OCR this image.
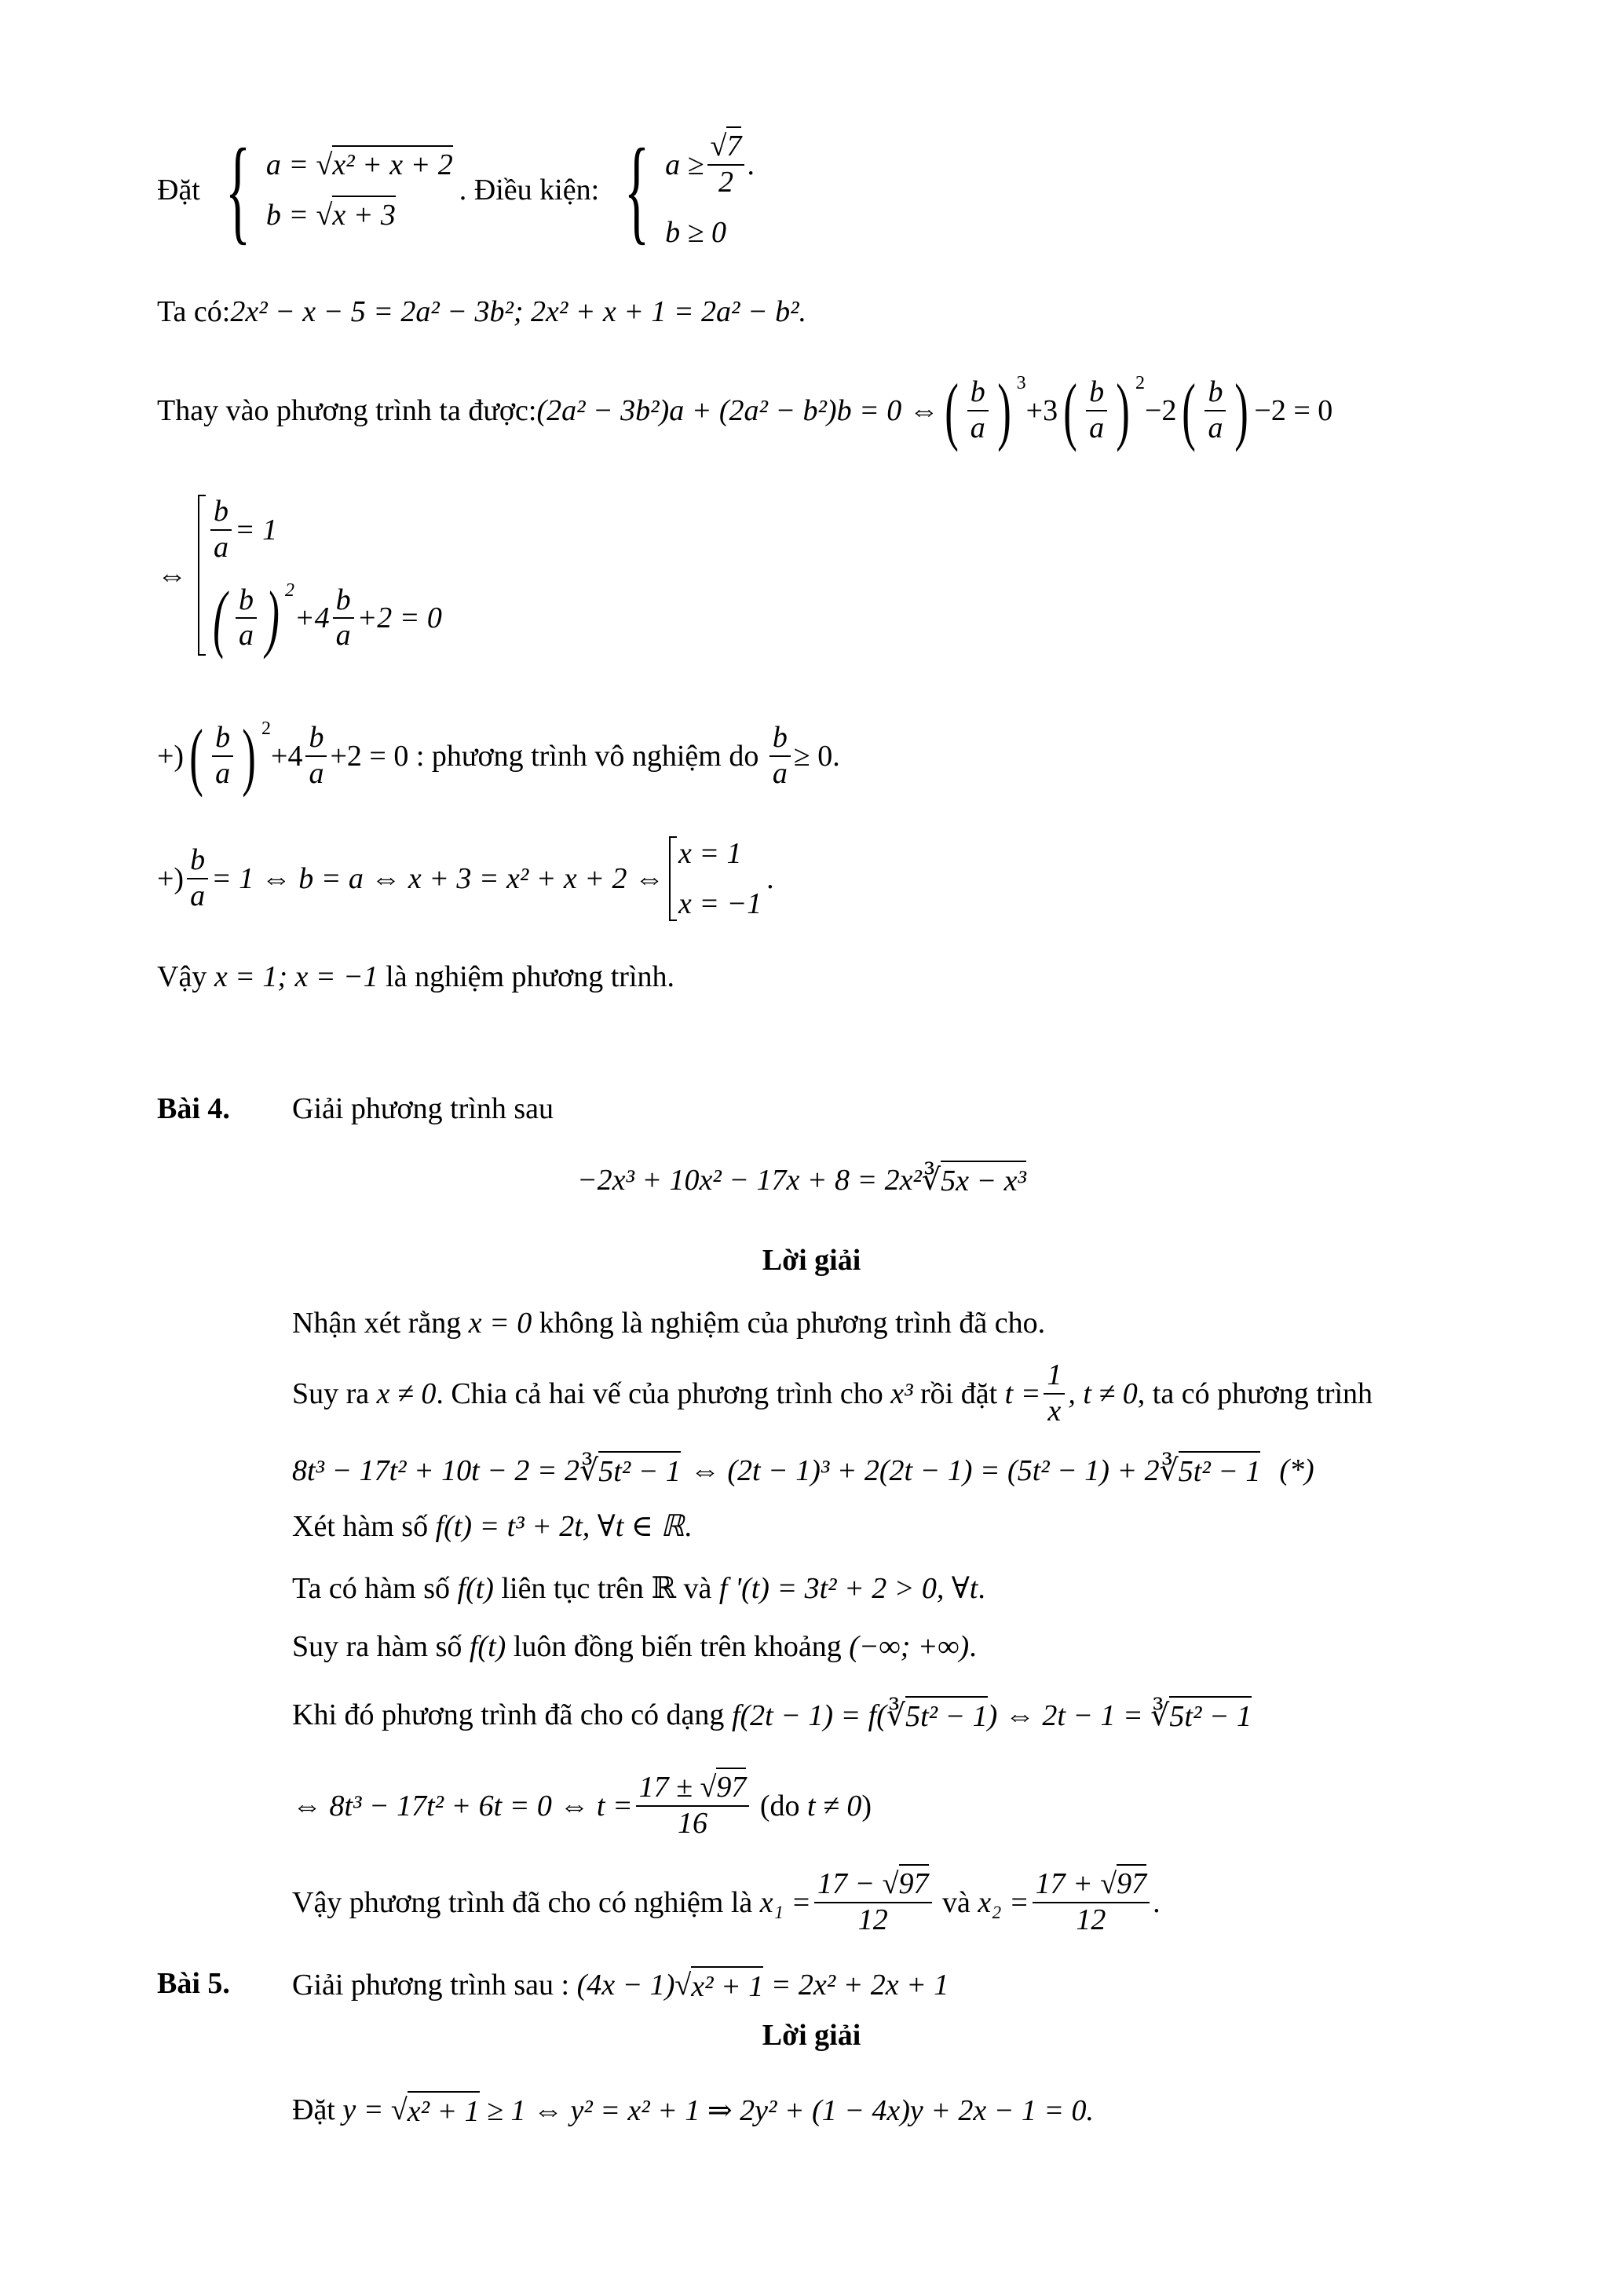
Đặt { a = √x² + x + 2
b = √x + 3
. Điều kiện: { $a \ge \frac{√7}{2}$ .
b ≥ 0
Ta có: 2x² − x − 5 = 2a² − 3b²; 2x² + x + 1 = 2a² − b².
Thay vào phương trình ta được: (2a² − 3b²)a + (2a² − b²)b = 0 ⇔ ( $\frac{b}{a}$ ) $^3$
+3 ( $\frac{b}{a}$ ) $^2$
−2 ( $\frac{b}{a}$ ) −2 = 0
⇔
$\frac{b}{a} = 1$
( $\frac{b}{a}$ ) $^2$
$+4 \frac{b}{a} +2 = 0$
+) ( $\frac{b}{a}$ ) $^2$
$+4 \frac{b}{a} +2 = 0$ : phương trình vô nghiệm do $\frac{b}{a} \ge 0$.
+) $\frac{b}{a} = 1$ ⇔ b = a ⇔ x + 3 = x² + x + 2 ⇔
x = 1
x = −1
.
Vậy x = 1; x = −1 là nghiệm phương trình.
Bài 4. Giải phương trình sau
−2x³ + 10x² − 17x + 8 = 2x²∛ 5x − x³
Lời giải
Nhận xét rằng x = 0 không là nghiệm của phương trình đã cho.
Suy ra x ≠ 0 . Chia cả hai vế của phương trình cho x³ rồi đặt $t = \frac{1}{x}$ , t ≠ 0 , ta có phương trình
8t³ − 17t² + 10t − 2 = 2∛ 5t² − 1 ⇔ (2t − 1)³ + 2(2t − 1) = (5t² − 1) + 2∛ 5t² − 1 (*)
Xét hàm số f(t) = t³ + 2t, ∀t ∈ ℝ .
Ta có hàm số f(t) liên tục trên ℝ và f '(t) = 3t² + 2 > 0, ∀t .
Suy ra hàm số f(t) luôn đồng biến trên khoảng (−∞; +∞) .
Khi đó phương trình đã cho có dạng f(2t − 1) = f(∛ 5t² − 1 ) ⇔ 2t − 1 = ∛ 5t² − 1
⇔ 8t³ − 17t² + 6t = 0 ⇔ $t = \frac{17 \pm √97}{16} (do$ t ≠ 0 )
Vậy phương trình đã cho có nghiệm là $x_1 = \frac{17 - √97}{12}$ và $x_2 = \frac{17 + √97}{12}$ .
Bài 5. Giải phương trình sau : (4x − 1)√ x² + 1 = 2x² + 2x + 1
Lời giải
Đặt y = √ x² + 1 ≥ 1 ⇔ y² = x² + 1 ⇒ 2y² + (1 − 4x)y + 2x − 1 = 0.
